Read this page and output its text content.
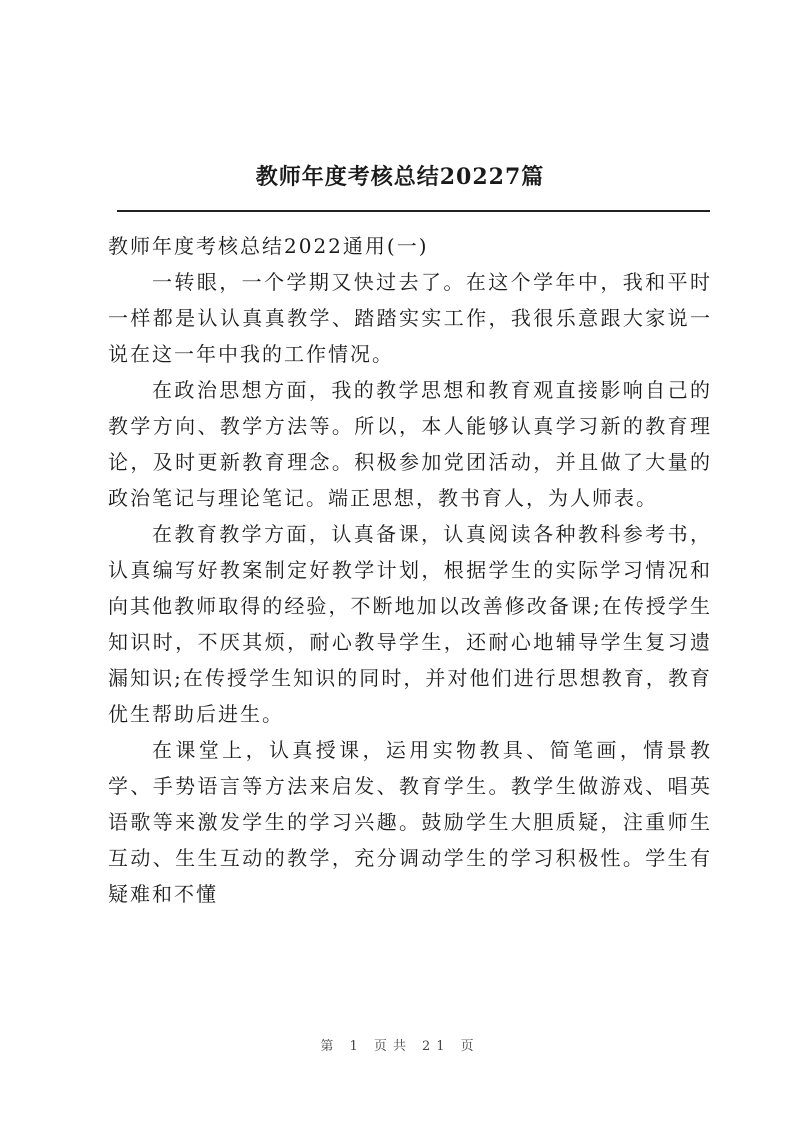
教师年度考核总结20227篇

教师年度考核总结2022通用(一)

一转眼，一个学期又快过去了。在这个学年中，我和平时一样都是认认真真教学、踏踏实实工作，我很乐意跟大家说一说在这一年中我的工作情况。

在政治思想方面，我的教学思想和教育观直接影响自己的教学方向、教学方法等。所以，本人能够认真学习新的教育理论，及时更新教育理念。积极参加党团活动，并且做了大量的政治笔记与理论笔记。端正思想，教书育人，为人师表。

在教育教学方面，认真备课，认真阅读各种教科参考书，认真编写好教案制定好教学计划，根据学生的实际学习情况和向其他教师取得的经验，不断地加以改善修改备课;在传授学生知识时，不厌其烦，耐心教导学生，还耐心地辅导学生复习遗漏知识;在传授学生知识的同时，并对他们进行思想教育，教育优生帮助后进生。

在课堂上，认真授课，运用实物教具、简笔画，情景教学、手势语言等方法来启发、教育学生。教学生做游戏、唱英语歌等来激发学生的学习兴趣。鼓励学生大胆质疑，注重师生互动、生生互动的教学，充分调动学生的学习积极性。学生有疑难和不懂

第 1 页共 21 页
